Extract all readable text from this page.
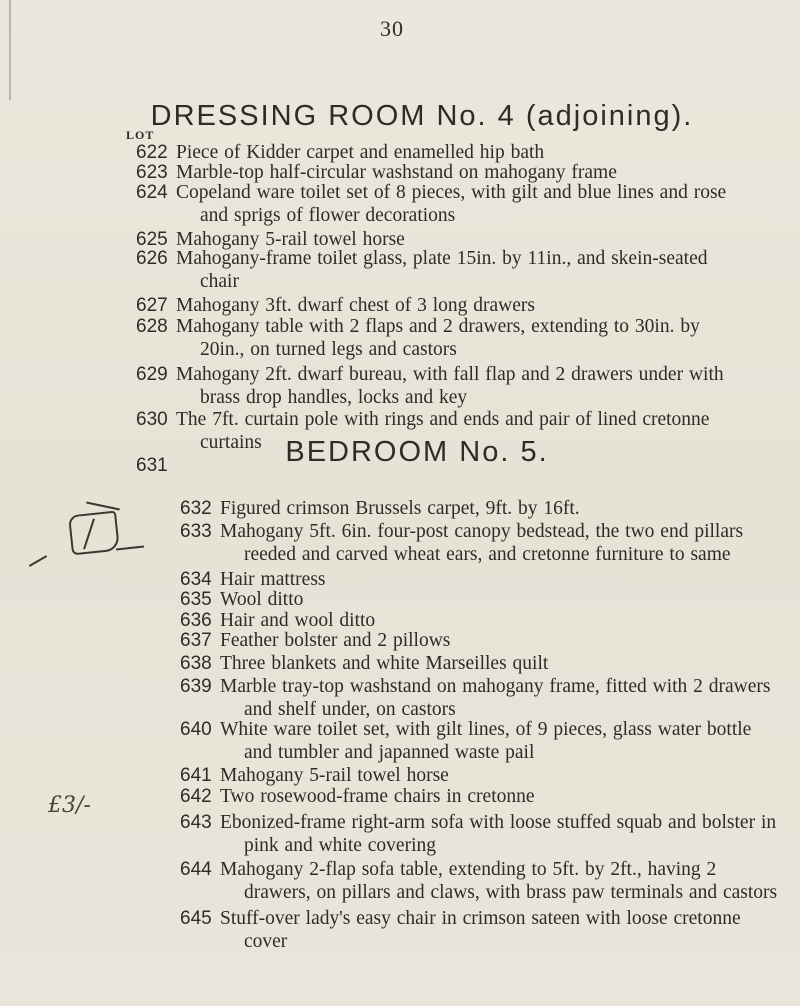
30
DRESSING ROOM No. 4 (adjoining).
LOT
BEDROOM No. 5.
622 Piece of Kidder carpet and enamelled hip bath
623 Marble-top half-circular washstand on mahogany frame
624 Copeland ware toilet set of 8 pieces, with gilt and blue lines and rose
and sprigs of flower decorations
625 Mahogany 5-rail towel horse
626 Mahogany-frame toilet glass, plate 15in. by 11in., and skein-seated
chair
627 Mahogany 3ft. dwarf chest of 3 long drawers
628 Mahogany table with 2 flaps and 2 drawers, extending to 30in. by
20in., on turned legs and castors
629 Mahogany 2ft. dwarf bureau, with fall flap and 2 drawers under with
brass drop handles, locks and key
630 The 7ft. curtain pole with rings and ends and pair of lined cretonne
curtains
631
632 Figured crimson Brussels carpet, 9ft. by 16ft.
633 Mahogany 5ft. 6in. four-post canopy bedstead, the two end pillars
reeded and carved wheat ears, and cretonne furniture to same
634 Hair mattress
635 Wool ditto
636 Hair and wool ditto
637 Feather bolster and 2 pillows
638 Three blankets and white Marseilles quilt
639 Marble tray-top washstand on mahogany frame, fitted with 2 drawers
and shelf under, on castors
640 White ware toilet set, with gilt lines, of 9 pieces, glass water bottle
and tumbler and japanned waste pail
641 Mahogany 5-rail towel horse
642 Two rosewood-frame chairs in cretonne
643 Ebonized-frame right-arm sofa with loose stuffed squab and bolster in
pink and white covering
644 Mahogany 2-flap sofa table, extending to 5ft. by 2ft., having 2
drawers, on pillars and claws, with brass paw terminals and castors
645 Stuff-over lady's easy chair in crimson sateen with loose cretonne
cover
£3/-
